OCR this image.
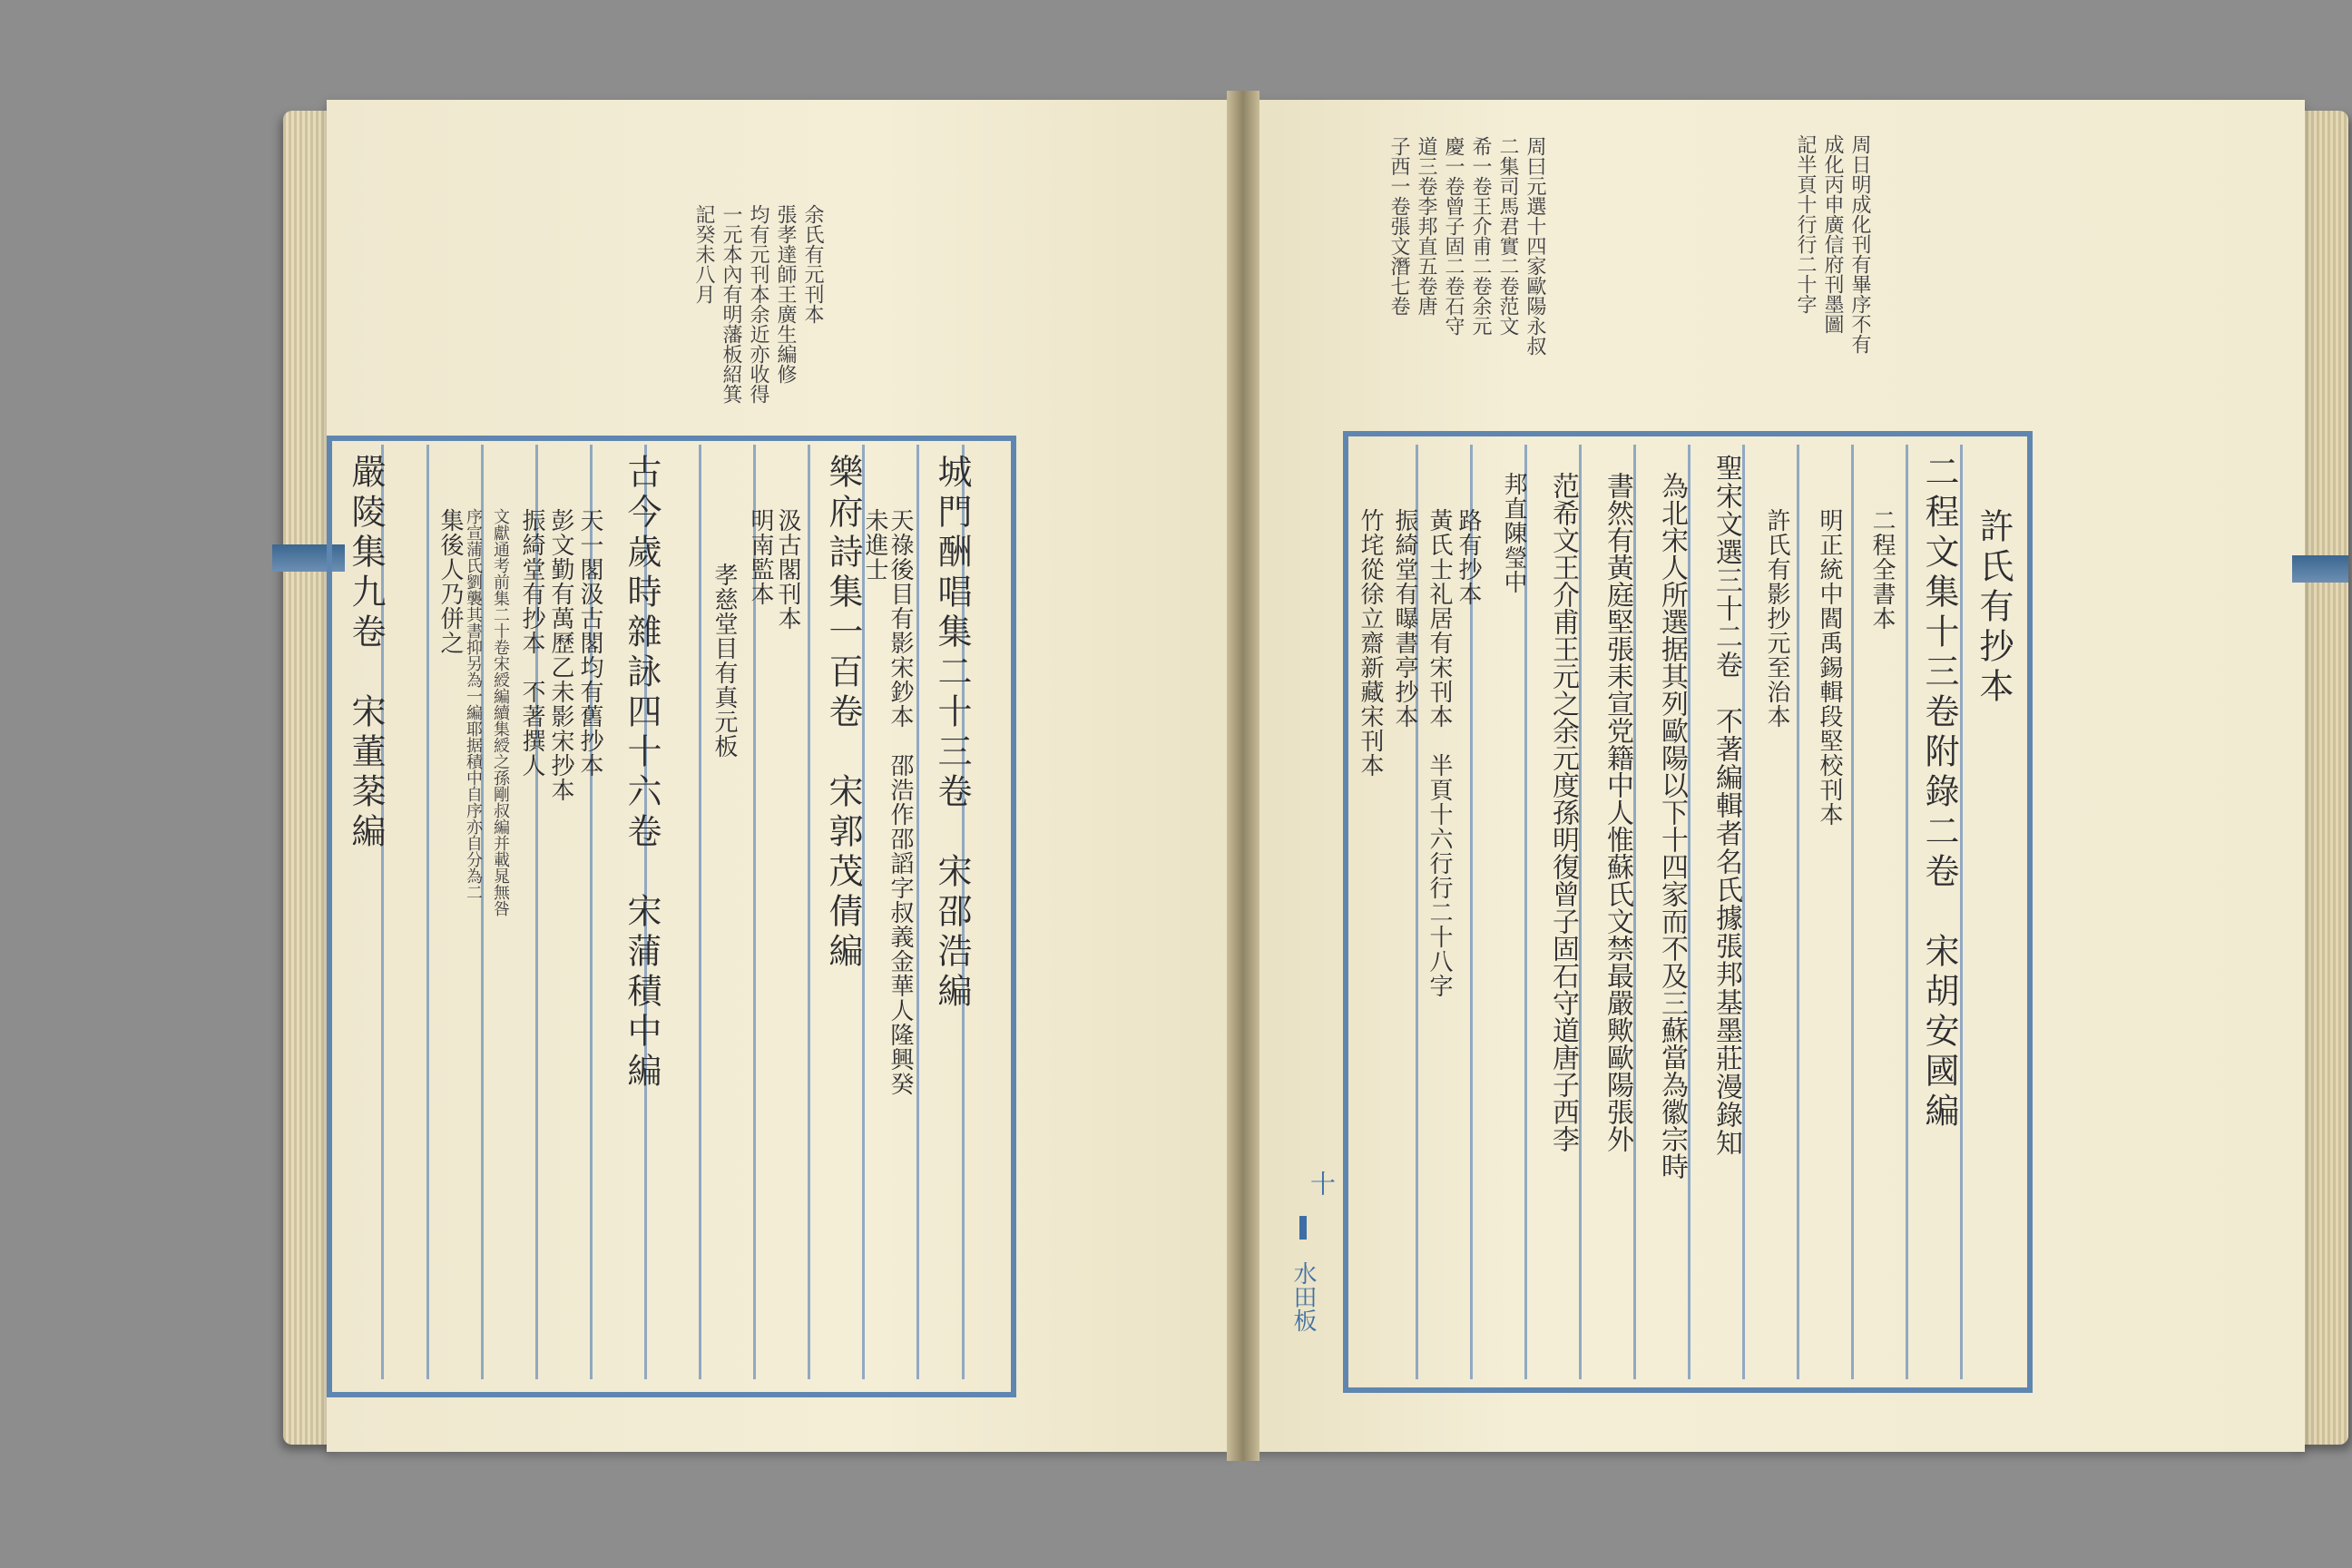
周日明成化刊有畢序不有
成化丙申廣信府刊墨圖
記半頁十行行二十字
周曰元選十四家歐陽永叔
二集司馬君實二卷范文
希一卷王介甫二卷余元
慶一卷曾子固二卷石守
道三卷李邦直五卷唐
子西一卷張文潛七卷
許氏有抄本
二程文集十三卷附錄二卷　宋胡安國編
二程全書本
明正統中閻禹錫輯段堅校刊本
許氏有影抄元至治本
聖宋文選三十二卷　不著編輯者名氏據張邦基墨莊漫錄知
為北宋人所選据其列歐陽以下十四家而不及三蘇當為徽宗時
書然有黃庭堅張耒宣党籍中人惟蘇氏文禁最嚴歟歐陽張外
范希文王介甫王元之余元度孫明復曾子固石守道唐子西李
邦直陳瑩中
路有抄本
黃氏士礼居有宋刊本　半頁十六行行二十八字
振綺堂有曝書亭抄本
竹垞從徐立齋新藏宋刊本
十
水田板
余氏有元刊本
張孝達師王廣生編修
均有元刊本余近亦收得
一元本內有明藩板紹箕
記癸未八月
城門酬唱集二十三卷　宋邵浩編
天祿後目有影宋鈔本　邵浩作邵謟字叔義金華人隆興癸
未進士
樂府詩集一百卷　宋郭茂倩編
汲古閣刊本
明南監本
孝慈堂目有真元板
古今歲時雜詠四十六卷　宋蒲積中編
天一閣汲古閣均有舊抄本
彭文勤有萬歷乙未影宋抄本
振綺堂有抄本　不著撰人
文獻通考前集二十卷宋綬編續集綬之孫剛叔編并載晁無咎
序宣蒲氏劉襲其書抑另為一編耶据積中自序亦自分為二
集後人乃併之
嚴陵集九卷　宋董棻編
